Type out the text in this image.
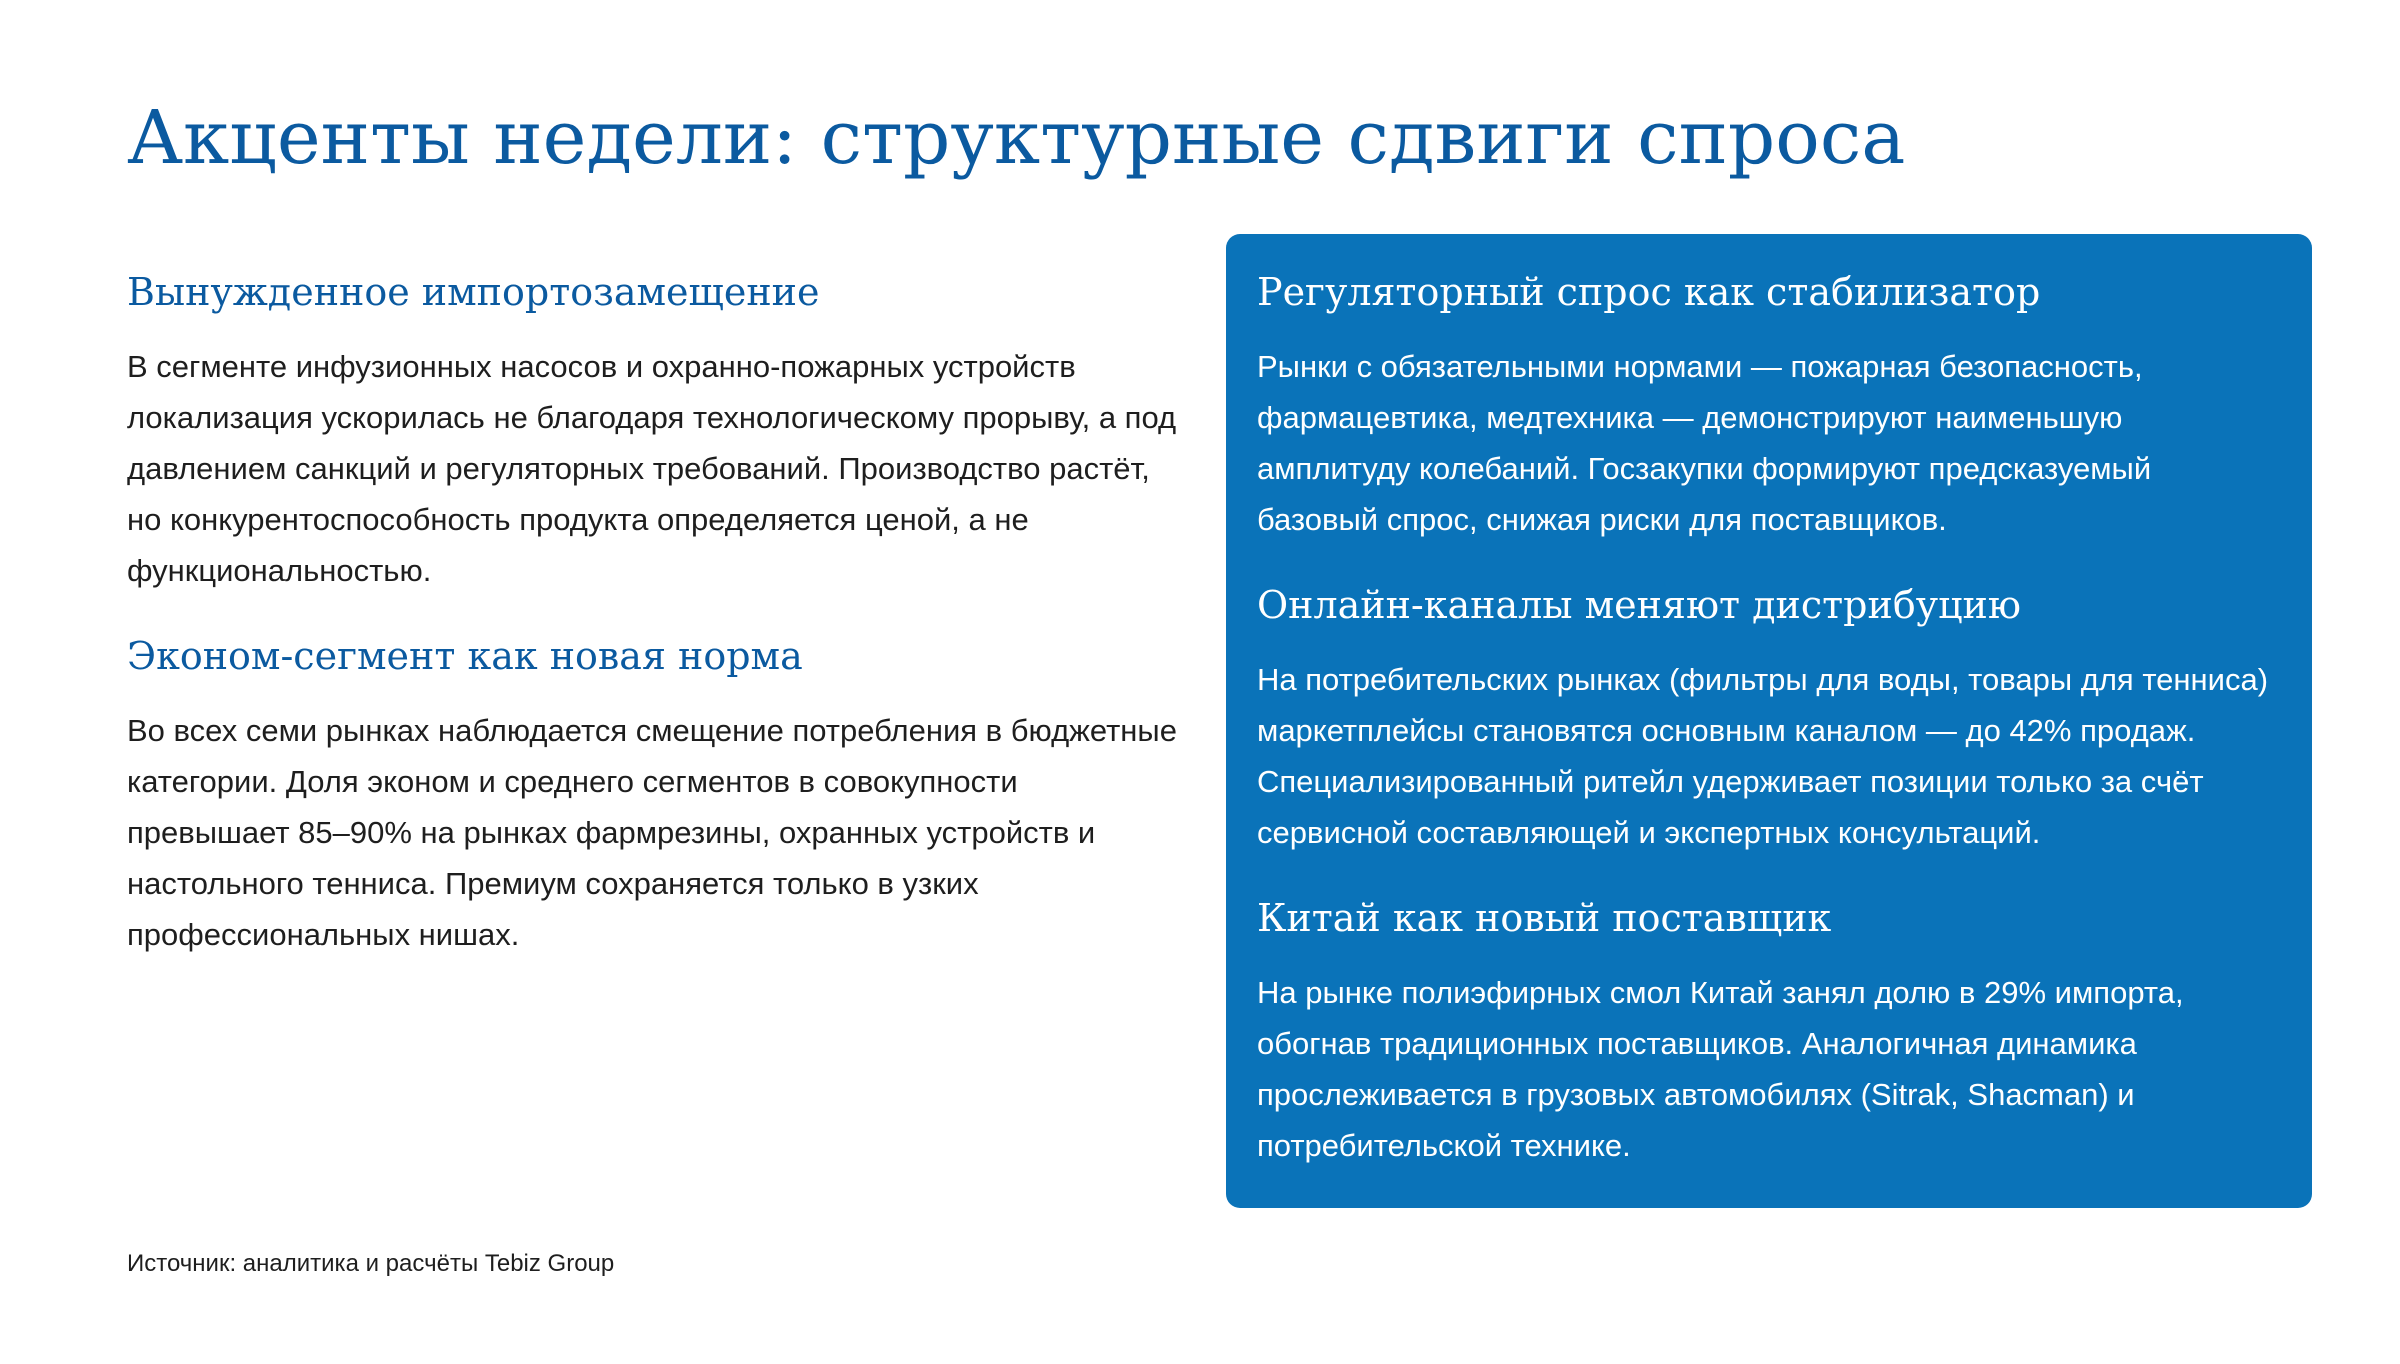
Акценты недели: структурные сдвиги спроса
Вынужденное импортозамещение

В сегменте инфузионных насосов и охранно-пожарных устройств локализация ускорилась не благодаря технологическому прорыву, а под давлением санкций и регуляторных требований. Производство растёт, но конкурентоспособность продукта определяется ценой, а не функциональностью.

Эконом-сегмент как новая норма

Во всех семи рынках наблюдается смещение потребления в бюджетные категории. Доля эконом и среднего сегментов в совокупности превышает 85–90% на рынках фармрезины, охранных устройств и настольного тенниса. Премиум сохраняется только в узких профессиональных нишах.

Регуляторный спрос как стабилизатор

Рынки с обязательными нормами — пожарная безопасность, фармацевтика, медтехника — демонстрируют наименьшую амплитуду колебаний. Госзакупки формируют предсказуемый базовый спрос, снижая риски для поставщиков.

Онлайн-каналы меняют дистрибуцию

На потребительских рынках (фильтры для воды, товары для тенниса) маркетплейсы становятся основным каналом — до 42% продаж. Специализированный ритейл удерживает позиции только за счёт сервисной составляющей и экспертных консультаций.

Китай как новый поставщик

На рынке полиэфирных смол Китай занял долю в 29% импорта, обогнав традиционных поставщиков. Аналогичная динамика прослеживается в грузовых автомобилях (Sitrak, Shacman) и потребительской технике.

Источник: аналитика и расчёты Tebiz Group
